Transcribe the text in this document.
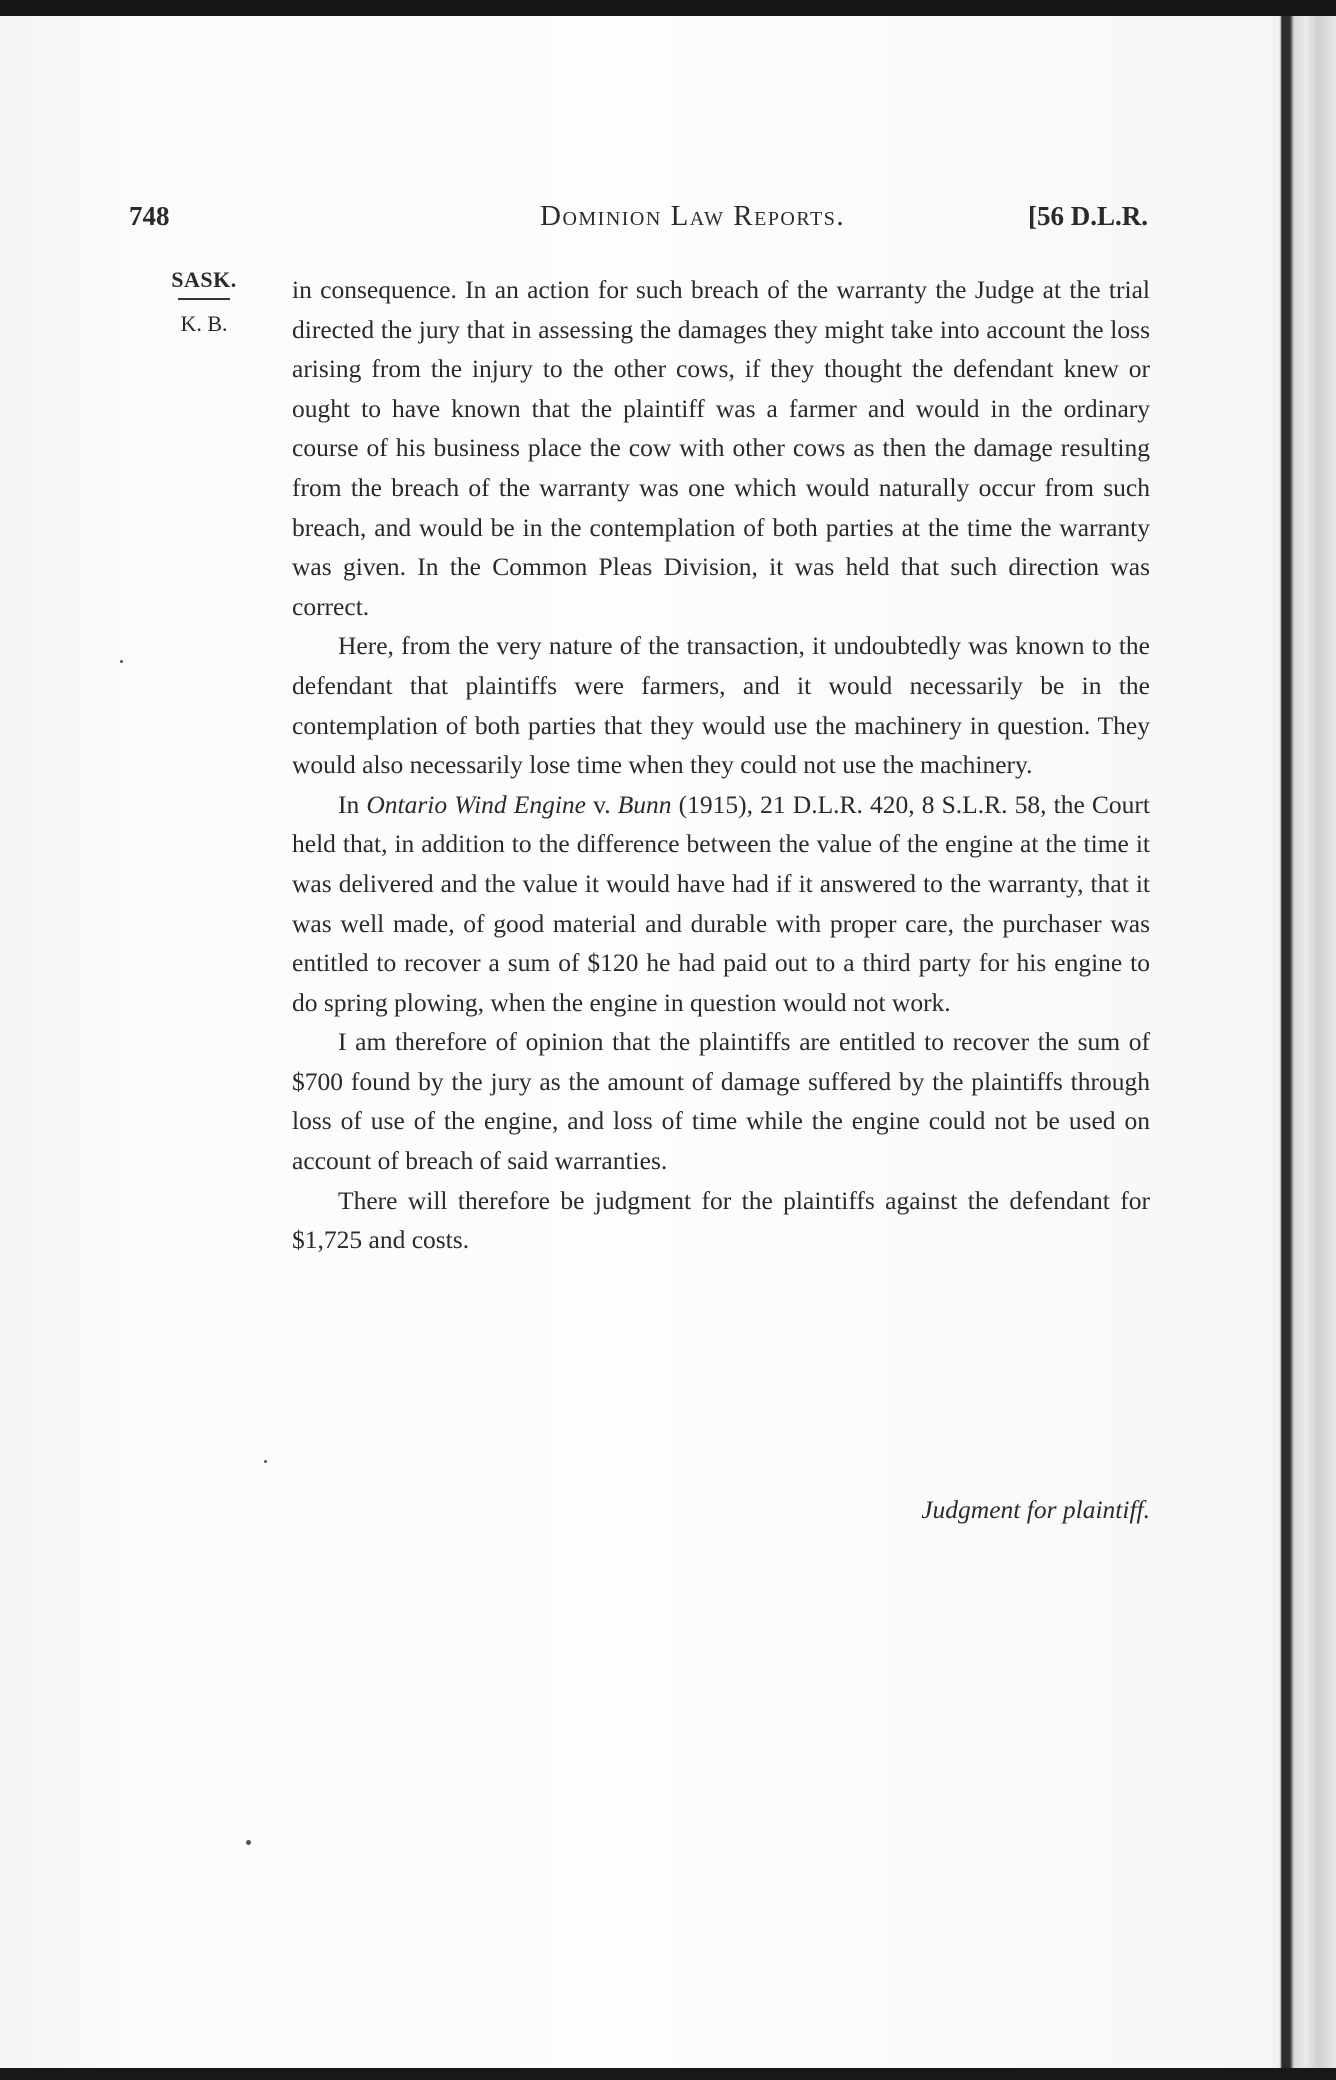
748	Dominion Law Reports.	[56 D.L.R.
SASK.
K. B.

in consequence. In an action for such breach of the warranty the Judge at the trial directed the jury that in assessing the damages they might take into account the loss arising from the injury to the other cows, if they thought the defendant knew or ought to have known that the plaintiff was a farmer and would in the ordinary course of his business place the cow with other cows as then the damage resulting from the breach of the warranty was one which would naturally occur from such breach, and would be in the contemplation of both parties at the time the warranty was given. In the Common Pleas Division, it was held that such direction was correct.

Here, from the very nature of the transaction, it undoubtedly was known to the defendant that plaintiffs were farmers, and it would necessarily be in the contemplation of both parties that they would use the machinery in question. They would also necessarily lose time when they could not use the machinery.

In Ontario Wind Engine v. Bunn (1915), 21 D.L.R. 420, 8 S.L.R. 58, the Court held that, in addition to the difference between the value of the engine at the time it was delivered and the value it would have had if it answered to the warranty, that it was well made, of good material and durable with proper care, the purchaser was entitled to recover a sum of $120 he had paid out to a third party for his engine to do spring plowing, when the engine in question would not work.

I am therefore of opinion that the plaintiffs are entitled to recover the sum of $700 found by the jury as the amount of damage suffered by the plaintiffs through loss of use of the engine, and loss of time while the engine could not be used on account of breach of said warranties.

There will therefore be judgment for the plaintiffs against the defendant for $1,725 and costs.

Judgment for plaintiff.
